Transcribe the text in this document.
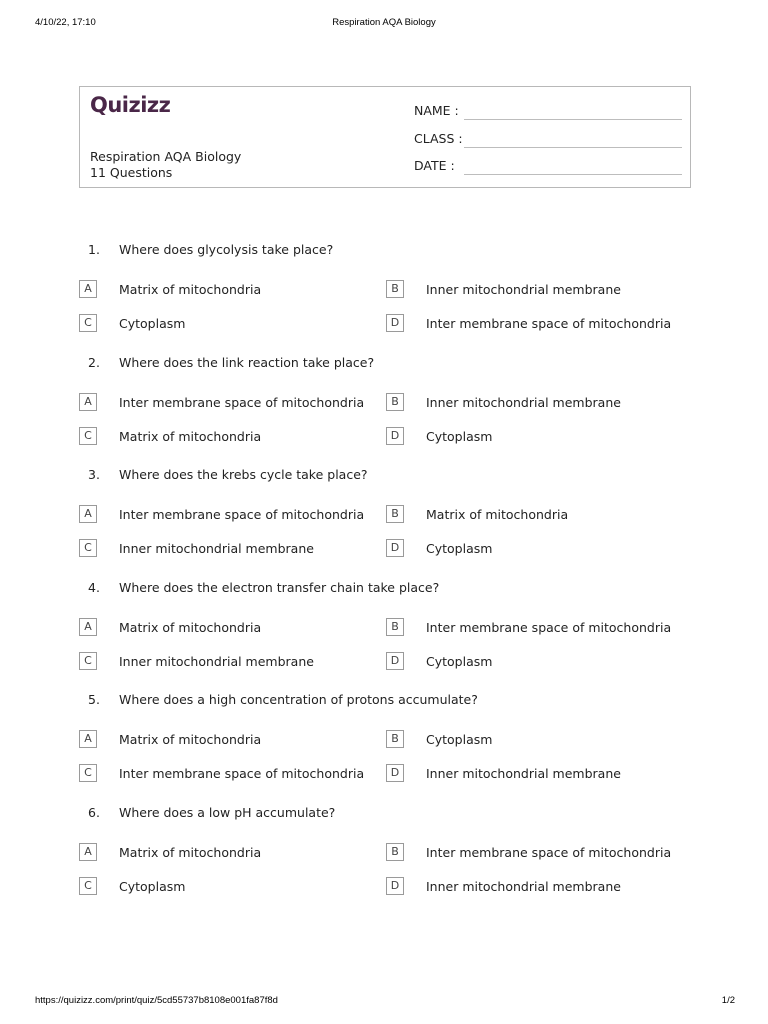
4/10/22, 17:10	Respiration AQA Biology
Quizizz
Respiration AQA Biology
11 Questions
NAME :
CLASS :
DATE :
1. Where does glycolysis take place?
A	Matrix of mitochondria	B	Inner mitochondrial membrane
C	Cytoplasm	D	Inter membrane space of mitochondria
2. Where does the link reaction take place?
A	Inter membrane space of mitochondria	B	Inner mitochondrial membrane
C	Matrix of mitochondria	D	Cytoplasm
3. Where does the krebs cycle take place?
A	Inter membrane space of mitochondria	B	Matrix of mitochondria
C	Inner mitochondrial membrane	D	Cytoplasm
4. Where does the electron transfer chain take place?
A	Matrix of mitochondria	B	Inter membrane space of mitochondria
C	Inner mitochondrial membrane	D	Cytoplasm
5. Where does a high concentration of protons accumulate?
A	Matrix of mitochondria	B	Cytoplasm
C	Inter membrane space of mitochondria	D	Inner mitochondrial membrane
6. Where does a low pH accumulate?
A	Matrix of mitochondria	B	Inter membrane space of mitochondria
C	Cytoplasm	D	Inner mitochondrial membrane
https://quizizz.com/print/quiz/5cd55737b8108e001fa87f8d	1/2
